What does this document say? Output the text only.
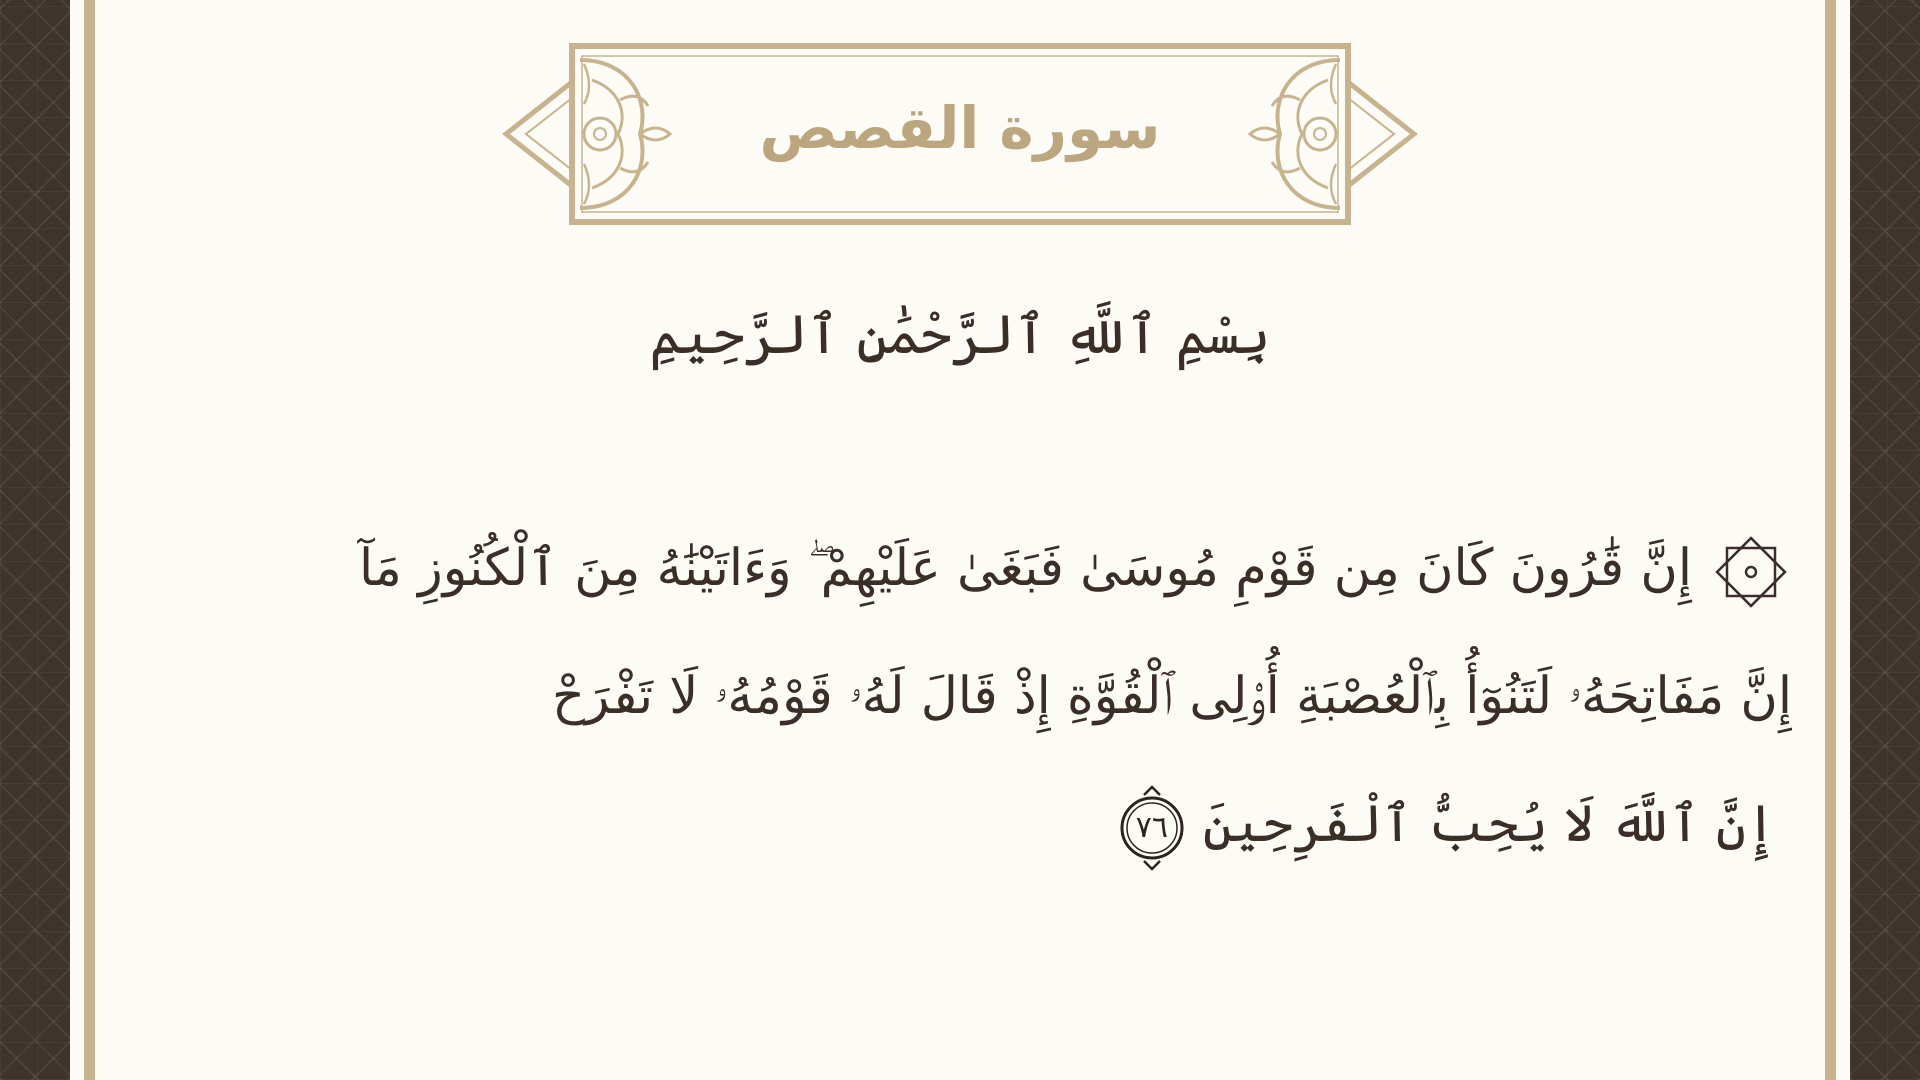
سورة القصص
بِسْمِ ٱللَّهِ ٱلرَّحْمَٰنِ ٱلرَّحِيمِ
إِنَّ قَٰرُونَ كَانَ مِن قَوْمِ مُوسَىٰ فَبَغَىٰ عَلَيْهِمْ ۖ وَءَاتَيْنَٰهُ مِنَ ٱلْكُنُوزِ مَآ
إِنَّ مَفَاتِحَهُۥ لَتَنُوٓأُ بِٱلْعُصْبَةِ أُو۟لِى ٱلْقُوَّةِ إِذْ قَالَ لَهُۥ قَوْمُهُۥ لَا تَفْرَحْ
ۖ إِنَّ ٱللَّهَ لَا يُحِبُّ ٱلْفَرِحِينَ
٧٦
